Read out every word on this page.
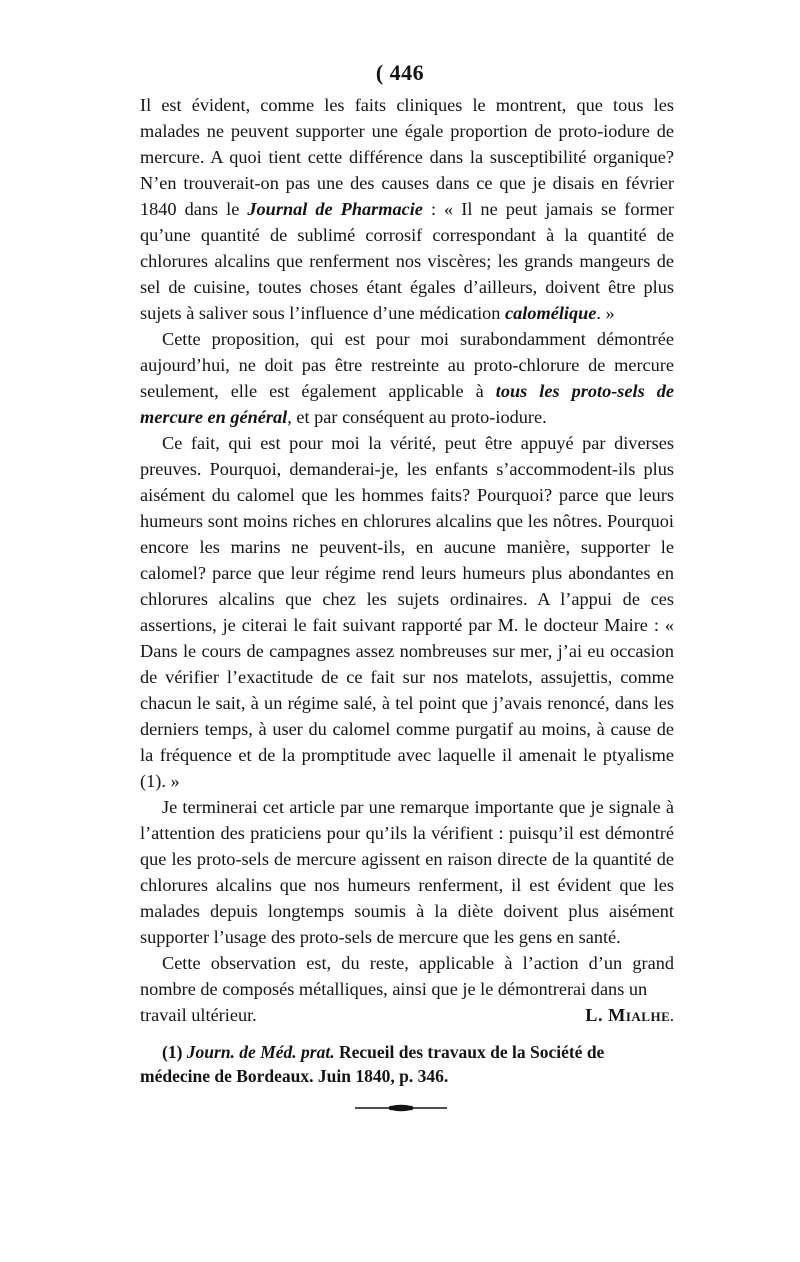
( 446

Il est évident, comme les faits cliniques le montrent, que tous les malades ne peuvent supporter une égale proportion de proto-iodure de mercure. A quoi tient cette différence dans la susceptibilité organique? N’en trouverait-on pas une des causes dans ce que je disais en février 1840 dans le Journal de Pharmacie : « Il ne peut jamais se former qu’une quantité de sublimé corrosif correspondant à la quantité de chlorures alcalins que renferment nos viscères; les grands mangeurs de sel de cuisine, toutes choses étant égales d’ailleurs, doivent être plus sujets à saliver sous l’influence d’une médication calomélique. »

Cette proposition, qui est pour moi surabondamment démontrée aujourd’hui, ne doit pas être restreinte au proto-chlorure de mercure seulement, elle est également applicable à tous les proto-sels de mercure en général, et par conséquent au proto-iodure.

Ce fait, qui est pour moi la vérité, peut être appuyé par diverses preuves. Pourquoi, demanderai-je, les enfants s’accommodent-ils plus aisément du calomel que les hommes faits? Pourquoi? parce que leurs humeurs sont moins riches en chlorures alcalins que les nôtres. Pourquoi encore les marins ne peuvent-ils, en aucune manière, supporter le calomel? parce que leur régime rend leurs humeurs plus abondantes en chlorures alcalins que chez les sujets ordinaires. A l’appui de ces assertions, je citerai le fait suivant rapporté par M. le docteur Maire : « Dans le cours de campagnes assez nombreuses sur mer, j’ai eu occasion de vérifier l’exactitude de ce fait sur nos matelots, assujettis, comme chacun le sait, à un régime salé, à tel point que j’avais renoncé, dans les derniers temps, à user du calomel comme purgatif au moins, à cause de la fréquence et de la promptitude avec laquelle il amenait le ptyalisme (1). »

Je terminerai cet article par une remarque importante que je signale à l’attention des praticiens pour qu’ils la vérifient : puisqu’il est démontré que les proto-sels de mercure agissent en raison directe de la quantité de chlorures alcalins que nos humeurs renferment, il est évident que les malades depuis longtemps soumis à la diète doivent plus aisément supporter l’usage des proto-sels de mercure que les gens en santé.

Cette observation est, du reste, applicable à l’action d’un grand nombre de composés métalliques, ainsi que je le démontrerai dans un

travail ultérieur.	L. MIALHE.

(1) Journ. de Méd. prat. Recueil des travaux de la Société de médecine de Bordeaux. Juin 1840, p. 346.
